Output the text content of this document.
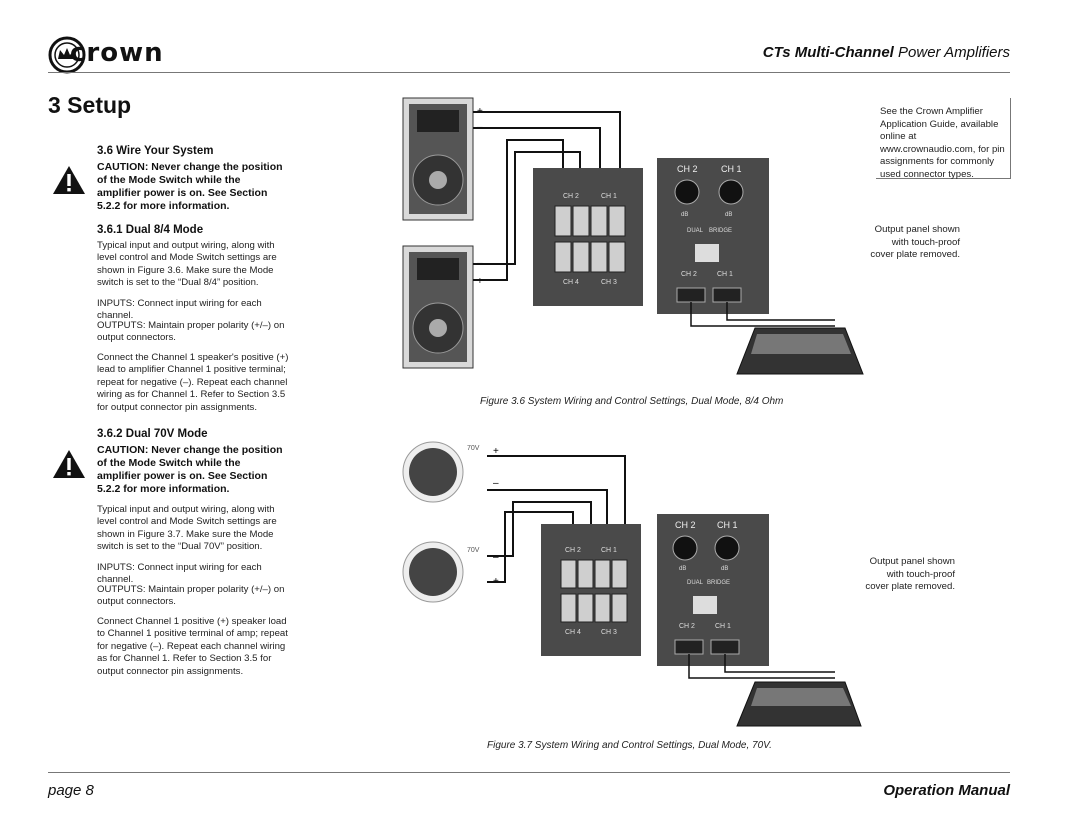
crown	CTs Multi-Channel Power Amplifiers
3 Setup
3.6 Wire Your System
CAUTION: Never change the position of the Mode Switch while the amplifier power is on. See Section 5.2.2 for more information.
3.6.1 Dual 8/4 Mode
Typical input and output wiring, along with level control and Mode Switch settings are shown in Figure 3.6. Make sure the Mode switch is set to the “Dual 8/4” position.
INPUTS: Connect input wiring for each channel.
OUTPUTS: Maintain proper polarity (+/–) on output connectors.
Connect the Channel 1 speaker's positive (+) lead to amplifier Channel 1 positive terminal; repeat for negative (–). Repeat each channel wiring as for Channel 1. Refer to Section 3.5 for output connector pin assignments.
3.6.2 Dual 70V Mode
CAUTION: Never change the position of the Mode Switch while the amplifier power is on. See Section 5.2.2 for more information.
Typical input and output wiring, along with level control and Mode Switch settings are shown in Figure 3.7. Make sure the Mode switch is set to the “Dual 70V” position.
INPUTS: Connect input wiring for each channel.
OUTPUTS: Maintain proper polarity (+/–) on output connectors.
Connect Channel 1 positive (+) speaker load to Channel 1 positive terminal of amp; repeat for negative (–). Repeat each channel wiring as for Channel 1. Refer to Section 3.5 for output connector pin assignments.
See the Crown Amplifier Application Guide, available online at www.crownaudio.com, for pin assignments for commonly used connector types.
Output panel shown with touch-proof cover plate removed.
Output panel shown with touch-proof cover plate removed.
+
–
–
+
CH 2	CH 1
CH 4	CH 3
CH 2	CH 1
dB	dB
DUAL BRIDGE
CH 2	CH 1
Figure 3.6 System Wiring and Control Settings, Dual Mode, 8/4 Ohm
70V
70V
+
–
–
+
CH 2	CH 1
CH 4	CH 3
CH 2 CH 1
dB	dB
DUAL BRIDGE
CH 2	CH 1
Figure 3.7 System Wiring and Control Settings, Dual Mode, 70V.
page 8	Operation Manual
